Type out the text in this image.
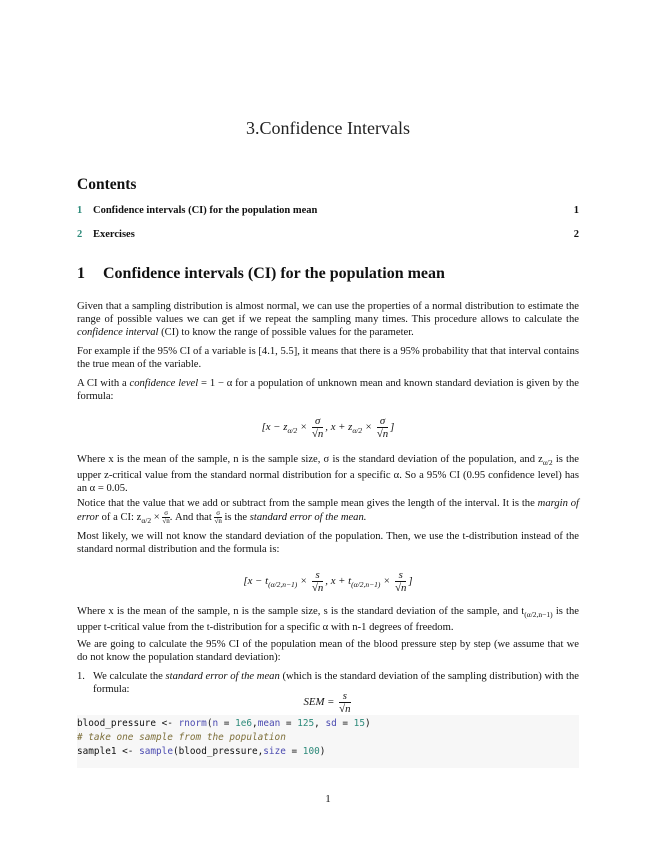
3.Confidence Intervals
Contents
1	Confidence intervals (CI) for the population mean	1
2	Exercises	2
1 Confidence intervals (CI) for the population mean
Given that a sampling distribution is almost normal, we can use the properties of a normal distribution to estimate the range of possible values we can get if we repeat the sampling many times. This procedure allows to calculate the confidence interval (CI) to know the range of possible values for the parameter.
For example if the 95% CI of a variable is [4.1, 5.5], it means that there is a 95% probability that that interval contains the true mean of the variable.
A CI with a confidence level = 1 − α for a population of unknown mean and known standard deviation is given by the formula:
[$x - z_{\alpha/2} \times \frac{\sigma}{√n}$ , $x + z_{\alpha/2} \times \frac{\sigma}{√n}$ ]
Where x is the mean of the sample, n is the sample size, σ is the standard deviation of the population, and $z_{\alpha/2}$ is the upper z-critical value from the standard normal distribution for a specific α. So a 95% CI (0.95 confidence level) has an α = 0.05.
Notice that the value that we add or subtract from the sample mean gives the length of the interval. It is the margin of error of a CI: $z_{\alpha/2} \times \frac{\sigma}{√n}$. And that $\frac{\sigma}{√n}$ is the standard error of the mean.
Most likely, we will not know the standard deviation of the population. Then, we use the t-distribution instead of the standard normal distribution and the formula is:
[$x - t_{(\alpha/2,n-1)} \times \frac{s}{√n}$ , $x + t_{(\alpha/2,n-1)} \times \frac{s}{√n}$ ]
Where x is the mean of the sample, n is the sample size, s is the standard deviation of the sample, and $t_{(\alpha/2,n-1)}$ is the upper t-critical value from the t-distribution for a specific α with n-1 degrees of freedom.
We are going to calculate the 95% CI of the population mean of the blood pressure step by step (we assume that we do not know the population standard deviation):
1. We calculate the standard error of the mean (which is the standard deviation of the sampling distribution) with the formula:
SEM = $\frac{s}{√n}$
blood_pressure <- rnorm(n = 1e6,mean = 125, sd = 15)
# take one sample from the population
sample1 <- sample(blood_pressure,size = 100)
1
